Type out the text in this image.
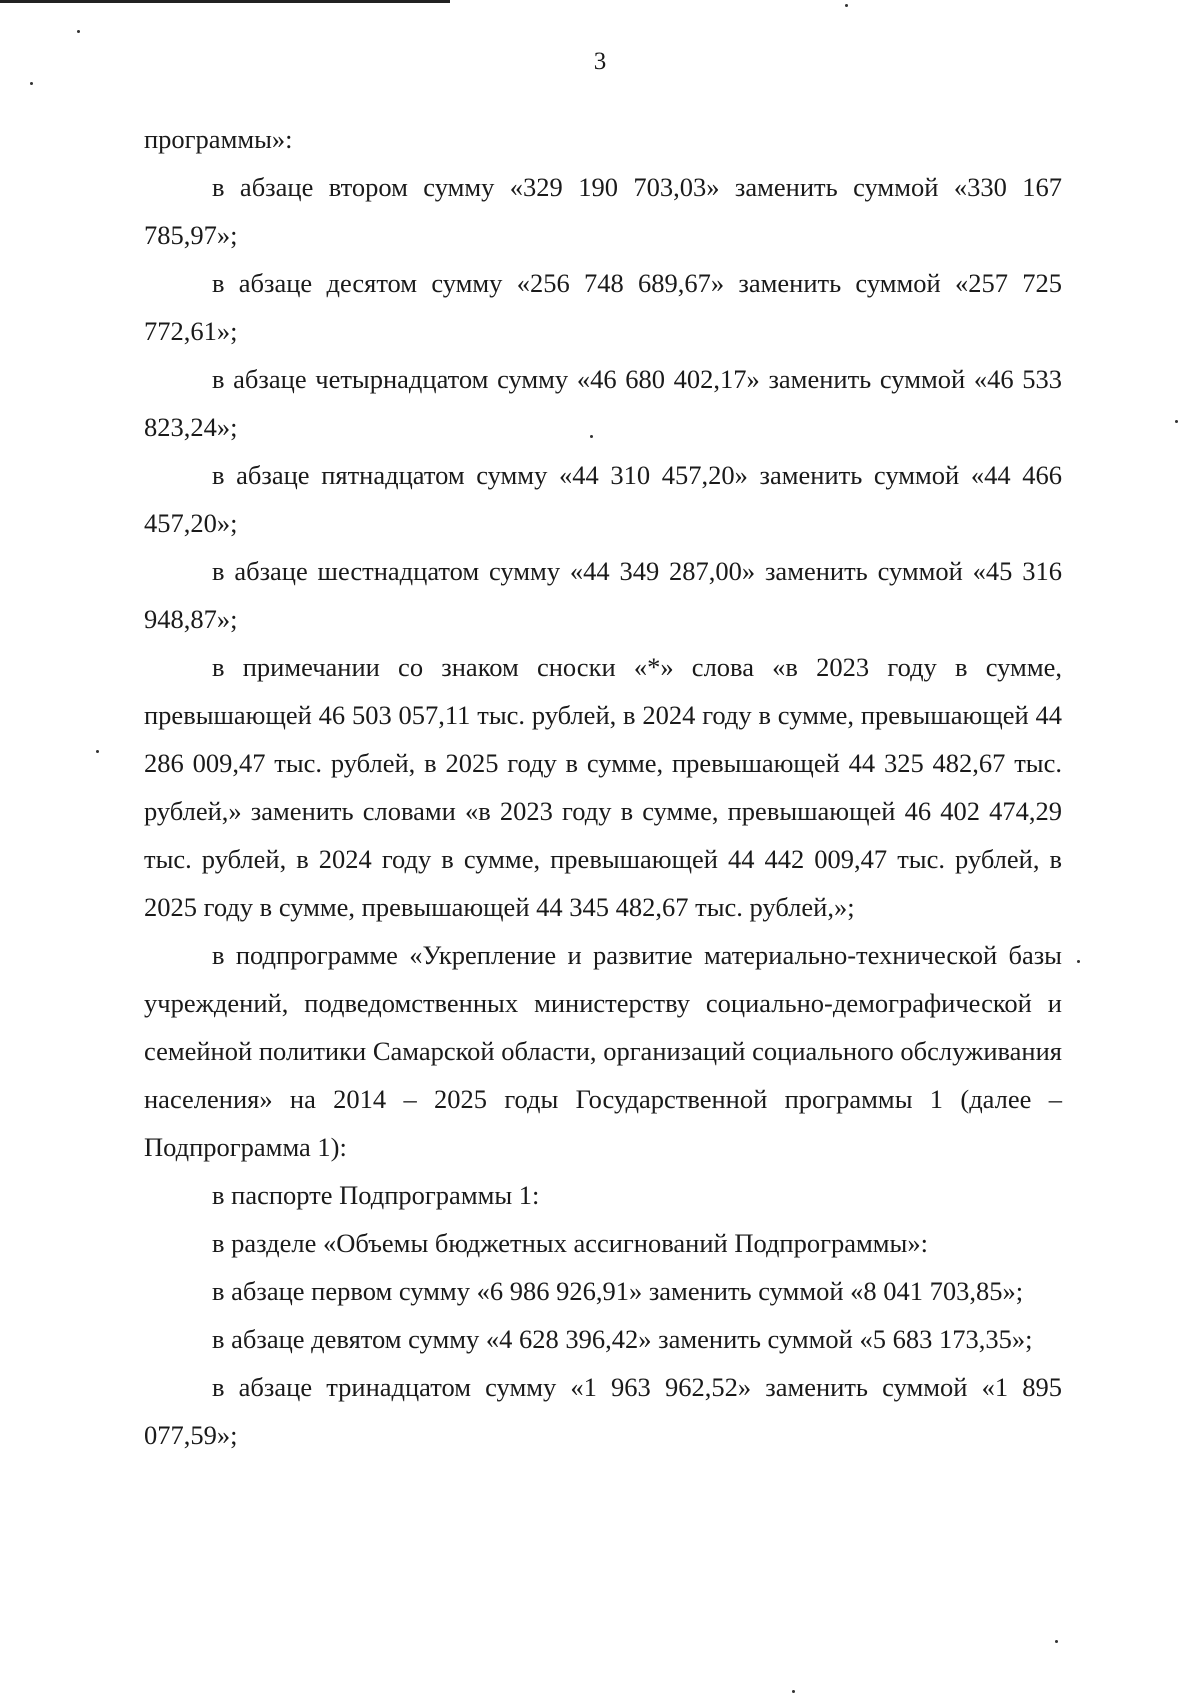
3

программы»:

в абзаце втором сумму «329 190 703,03» заменить суммой «330 167 785,97»;

в абзаце десятом сумму «256 748 689,67» заменить суммой «257 725 772,61»;

в абзаце четырнадцатом сумму «46 680 402,17» заменить суммой «46 533 823,24»;

в абзаце пятнадцатом сумму «44 310 457,20» заменить суммой «44 466 457,20»;

в абзаце шестнадцатом сумму «44 349 287,00» заменить суммой «45 316 948,87»;

в примечании со знаком сноски «*» слова «в 2023 году в сумме, превышающей 46 503 057,11 тыс. рублей, в 2024 году в сумме, превышающей 44 286 009,47 тыс. рублей, в 2025 году в сумме, превышающей 44 325 482,67 тыс. рублей,» заменить словами «в 2023 году в сумме, превышающей 46 402 474,29 тыс. рублей, в 2024 году в сумме, превышающей 44 442 009,47 тыс. рублей, в 2025 году в сумме, превышающей 44 345 482,67 тыс. рублей,»;

в подпрограмме «Укрепление и развитие материально-технической базы учреждений, подведомственных министерству социально-демографической и семейной политики Самарской области, организаций социального обслуживания населения» на 2014 – 2025 годы Государственной программы 1 (далее – Подпрограмма 1):

в паспорте Подпрограммы 1:

в разделе «Объемы бюджетных ассигнований Подпрограммы»:

в абзаце первом сумму «6 986 926,91» заменить суммой «8 041 703,85»;

в абзаце девятом сумму «4 628 396,42» заменить суммой «5 683 173,35»;

в абзаце тринадцатом сумму «1 963 962,52» заменить суммой «1 895 077,59»;
